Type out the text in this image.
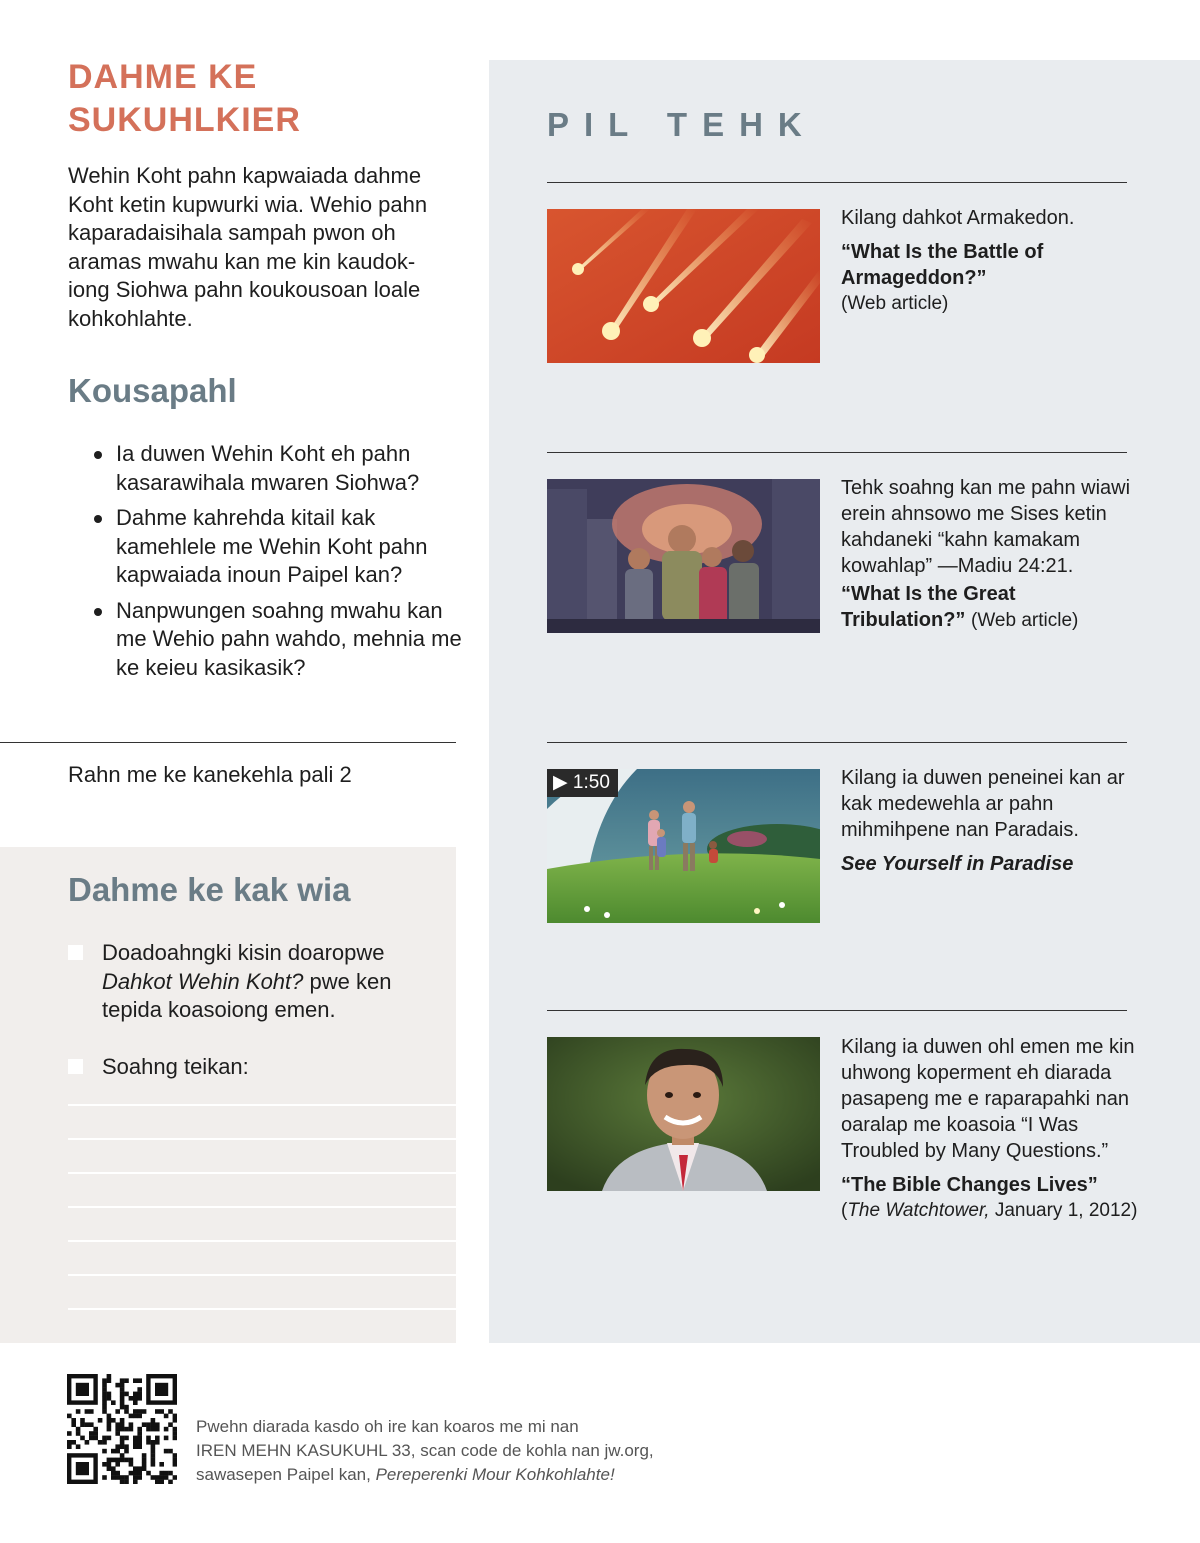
DAHME KE
SUKUHLKIER

Wehin Koht pahn kapwaiada dahme Koht ketin kupwurki wia. Wehio pahn kaparadaisihala sampah pwon oh aramas mwahu kan me kin kaudok-iong Siohwa pahn koukousoan loale kohkohlahte.

Kousapahl
Ia duwen Wehin Koht eh pahn kasarawihala mwaren Siohwa?
Dahme kahrehda kitail kak kamehlele me Wehin Koht pahn kapwaiada inoun Paipel kan?
Nanpwungen soahng mwahu kan me Wehio pahn wahdo, mehnia me ke keieu kasikasik?

Rahn me ke kanekehla pali 2

Dahme ke kak wia
Doadoahngki kisin doaropwe
Dahkot Wehin Koht? pwe ken tepida koasoiong emen.
Soahng teikan:
PIL TEHK

Kilang dahkot Armakedon.

“What Is the Battle of Armageddon?”

(Web article)

Tehk soahng kan me pahn wiawi erein ahnsowo me Sises ketin kahdaneki “kahn kamakam kowahlap” —Madiu 24:21.

“What Is the Great Tribulation?” (Web article)

▶ 1:50	Kilang ia duwen peneinei kan ar kak medewehla ar pahn mihmihpene nan Paradais.

See Yourself in Paradise

Kilang ia duwen ohl emen me kin uhwong koperment eh diarada pasapeng me e raparapahki nan oaralap me koasoia “I Was Troubled by Many Questions.”

“The Bible Changes Lives”

(The Watchtower, January 1, 2012)

Pwehn diarada kasdo oh ire kan koaros me mi nan
IREN MEHN KASUKUHL 33, scan code de kohla nan jw.org,
sawasepen Paipel kan, Pereperenki Mour Kohkohlahte!
